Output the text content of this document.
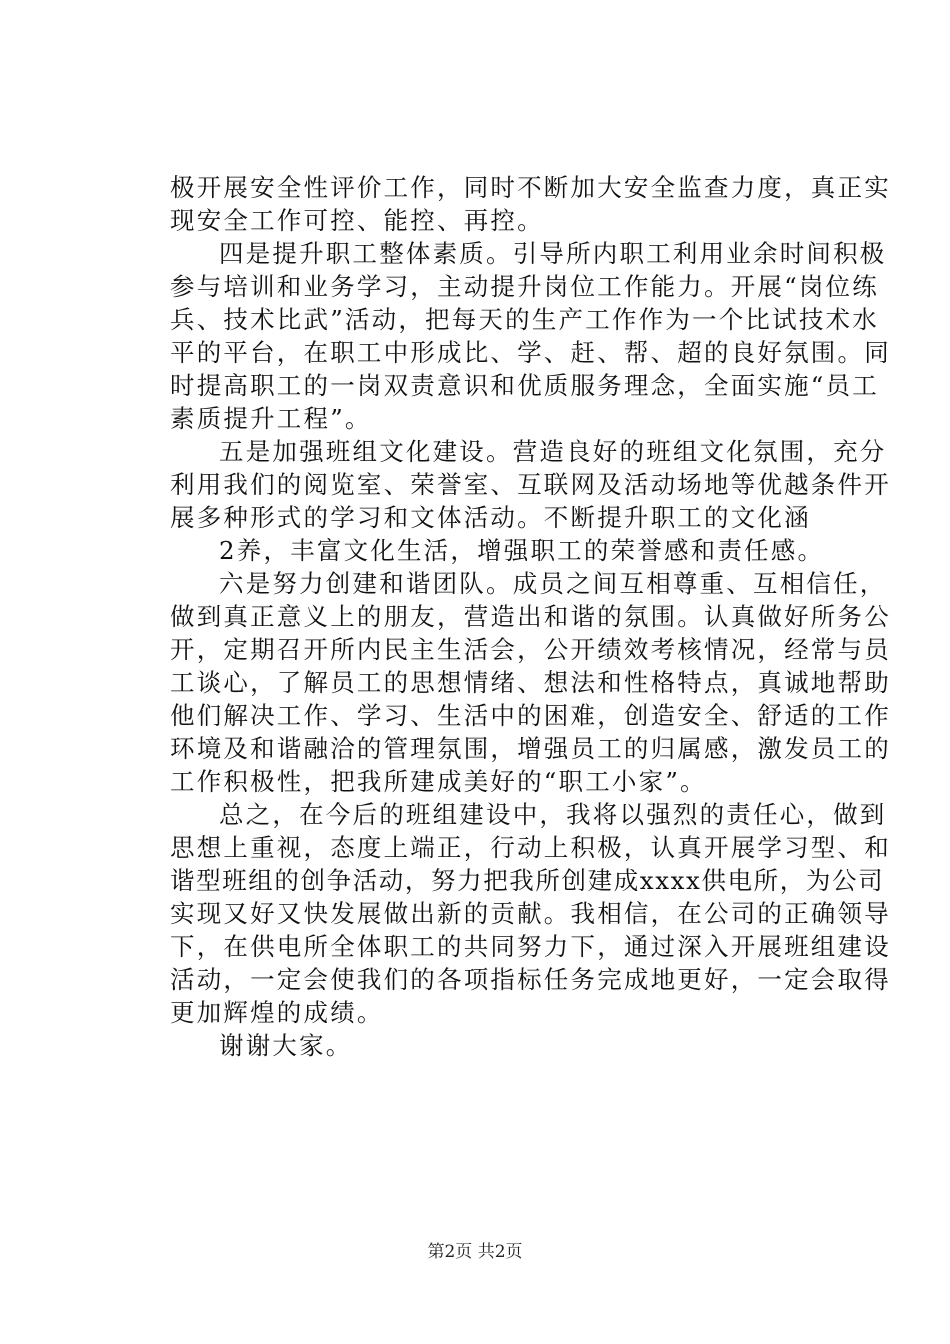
极开展安全性评价工作，同时不断加大安全监查力度，真正实
现安全工作可控、能控、再控。
四是提升职工整体素质。引导所内职工利用业余时间积极
参与培训和业务学习，主动提升岗位工作能力。开展“岗位练
兵、技术比武”活动，把每天的生产工作作为一个比试技术水
平的平台，在职工中形成比、学、赶、帮、超的良好氛围。同
时提高职工的一岗双责意识和优质服务理念，全面实施“员工
素质提升工程”。
五是加强班组文化建设。营造良好的班组文化氛围，充分
利用我们的阅览室、荣誉室、互联网及活动场地等优越条件开
展多种形式的学习和文体活动。不断提升职工的文化涵
2养，丰富文化生活，增强职工的荣誉感和责任感。
六是努力创建和谐团队。成员之间互相尊重、互相信任，
做到真正意义上的朋友，营造出和谐的氛围。认真做好所务公
开，定期召开所内民主生活会，公开绩效考核情况，经常与员
工谈心，了解员工的思想情绪、想法和性格特点，真诚地帮助
他们解决工作、学习、生活中的困难，创造安全、舒适的工作
环境及和谐融洽的管理氛围，增强员工的归属感，激发员工的
工作积极性，把我所建成美好的“职工小家”。
总之，在今后的班组建设中，我将以强烈的责任心，做到
思想上重视，态度上端正，行动上积极，认真开展学习型、和
谐型班组的创争活动，努力把我所创建成xxxx供电所，为公司
实现又好又快发展做出新的贡献。我相信，在公司的正确领导
下，在供电所全体职工的共同努力下，通过深入开展班组建设
活动，一定会使我们的各项指标任务完成地更好，一定会取得
更加辉煌的成绩。
谢谢大家。
第2页 共2页
